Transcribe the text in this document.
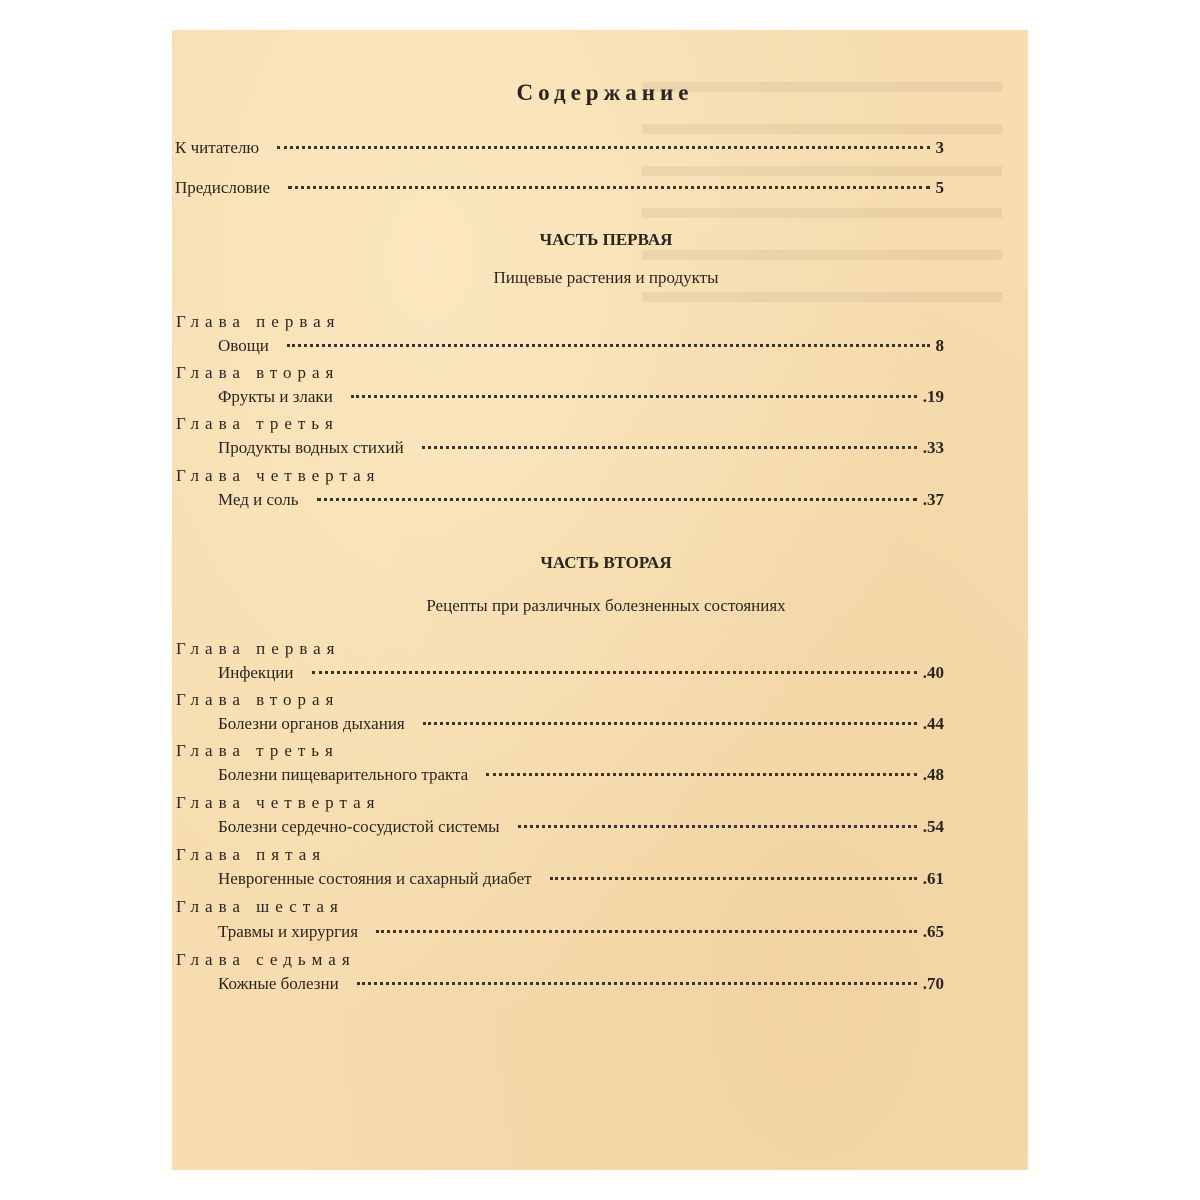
Содержание
К читателю	3
Предисловие	5
ЧАСТЬ ПЕРВАЯ
Пищевые растения и продукты
Глава первая
Овощи	8
Глава вторая
Фрукты и злаки	.19
Глава третья
Продукты водных стихий	.33
Глава четвертая
Мед и соль	.37
ЧАСТЬ ВТОРАЯ
Рецепты при различных болезненных состояниях
Глава первая
Инфекции	.40
Глава вторая
Болезни органов дыхания	.44
Глава третья
Болезни пищеварительного тракта	.48
Глава четвертая
Болезни сердечно-сосудистой системы	.54
Глава пятая
Неврогенные состояния и сахарный диабет	.61
Глава шестая
Травмы и хирургия	.65
Глава седьмая
Кожные болезни	.70
